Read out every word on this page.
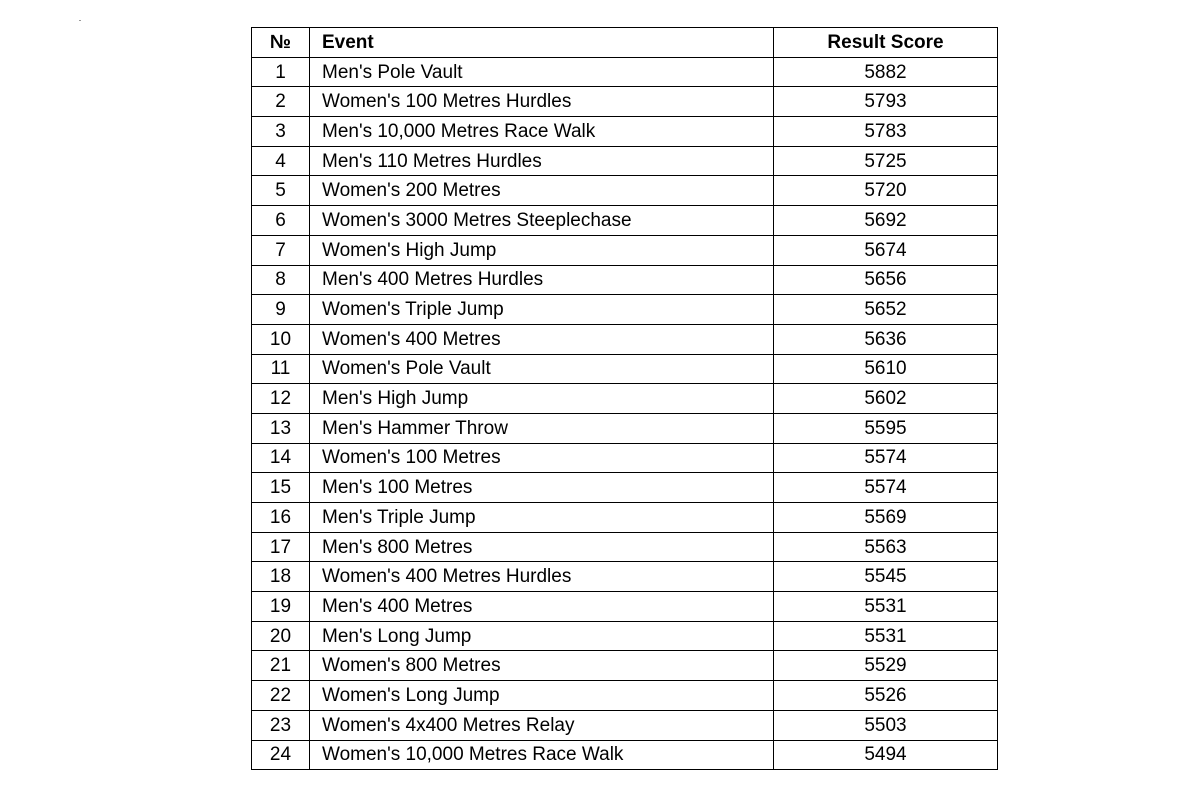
№	Event	Result Score
1	Men's Pole Vault	5882
2	Women's 100 Metres Hurdles	5793
3	Men's 10,000 Metres Race Walk	5783
4	Men's 110 Metres Hurdles	5725
5	Women's 200 Metres	5720
6	Women's 3000 Metres Steeplechase	5692
7	Women's High Jump	5674
8	Men's 400 Metres Hurdles	5656
9	Women's Triple Jump	5652
10	Women's 400 Metres	5636
11	Women's Pole Vault	5610
12	Men's High Jump	5602
13	Men's Hammer Throw	5595
14	Women's 100 Metres	5574
15	Men's 100 Metres	5574
16	Men's Triple Jump	5569
17	Men's 800 Metres	5563
18	Women's 400 Metres Hurdles	5545
19	Men's 400 Metres	5531
20	Men's Long Jump	5531
21	Women's 800 Metres	5529
22	Women's Long Jump	5526
23	Women's 4x400 Metres Relay	5503
24	Women's 10,000 Metres Race Walk	5494
